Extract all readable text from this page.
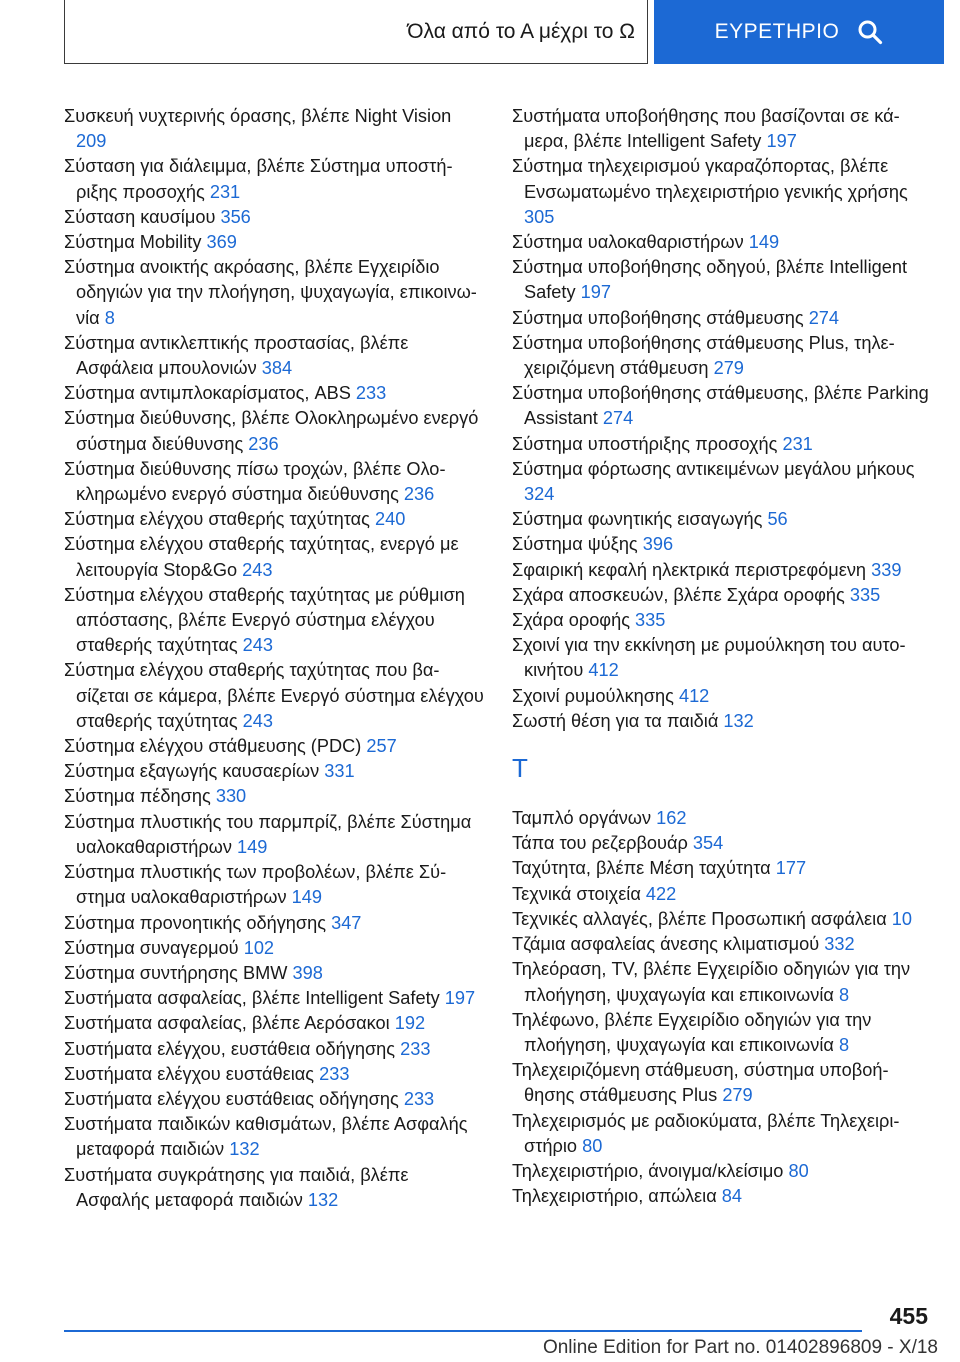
Όλα από το Α μέχρι το Ω	ΕΥΡΕΤΗΡΙΟ
Συσκευή νυχτερινής όρασης, βλέπε Night Vision 209
Σύσταση για διάλειμμα, βλέπε Σύστημα υποστήριξης προσοχής 231
Σύσταση καυσίμου 356
Σύστημα Mobility 369
Σύστημα ανοικτής ακρόασης, βλέπε Εγχειρίδιο οδηγιών για την πλοήγηση, ψυχαγωγία, επικοινωνία 8
Σύστημα αντικλεπτικής προστασίας, βλέπε Ασφάλεια μπουλονιών 384
Σύστημα αντιμπλοκαρίσματος, ABS 233
Σύστημα διεύθυνσης, βλέπε Ολοκληρωμένο ενεργό σύστημα διεύθυνσης 236
Σύστημα διεύθυνσης πίσω τροχών, βλέπε Ολοκληρωμένο ενεργό σύστημα διεύθυνσης 236
Σύστημα ελέγχου σταθερής ταχύτητας 240
Σύστημα ελέγχου σταθερής ταχύτητας, ενεργό με λειτουργία Stop&Go 243
Σύστημα ελέγχου σταθερής ταχύτητας με ρύθμιση απόστασης, βλέπε Ενεργό σύστημα ελέγχου σταθερής ταχύτητας 243
Σύστημα ελέγχου σταθερής ταχύτητας που βασίζεται σε κάμερα, βλέπε Ενεργό σύστημα ελέγχου σταθερής ταχύτητας 243
Σύστημα ελέγχου στάθμευσης (PDC) 257
Σύστημα εξαγωγής καυσαερίων 331
Σύστημα πέδησης 330
Σύστημα πλυστικής του παρμπρίζ, βλέπε Σύστημα υαλοκαθαριστήρων 149
Σύστημα πλυστικής των προβολέων, βλέπε Σύστημα υαλοκαθαριστήρων 149
Σύστημα προνοητικής οδήγησης 347
Σύστημα συναγερμού 102
Σύστημα συντήρησης BMW 398
Συστήματα ασφαλείας, βλέπε Intelligent Safety 197
Συστήματα ασφαλείας, βλέπε Αερόσακοι 192
Συστήματα ελέγχου, ευστάθεια οδήγησης 233
Συστήματα ελέγχου ευστάθειας 233
Συστήματα ελέγχου ευστάθειας οδήγησης 233
Συστήματα παιδικών καθισμάτων, βλέπε Ασφαλής μεταφορά παιδιών 132
Συστήματα συγκράτησης για παιδιά, βλέπε Ασφαλής μεταφορά παιδιών 132
Συστήματα υποβοήθησης που βασίζονται σε κάμερα, βλέπε Intelligent Safety 197
Σύστημα τηλεχειρισμού γκαραζόπορτας, βλέπε Ενσωματωμένο τηλεχειριστήριο γενικής χρήσης 305
Σύστημα υαλοκαθαριστήρων 149
Σύστημα υποβοήθησης οδηγού, βλέπε Intelligent Safety 197
Σύστημα υποβοήθησης στάθμευσης 274
Σύστημα υποβοήθησης στάθμευσης Plus, τηλεχειριζόμενη στάθμευση 279
Σύστημα υποβοήθησης στάθμευσης, βλέπε Parking Assistant 274
Σύστημα υποστήριξης προσοχής 231
Σύστημα φόρτωσης αντικειμένων μεγάλου μήκους 324
Σύστημα φωνητικής εισαγωγής 56
Σύστημα ψύξης 396
Σφαιρική κεφαλή ηλεκτρικά περιστρεφόμενη 339
Σχάρα αποσκευών, βλέπε Σχάρα οροφής 335
Σχάρα οροφής 335
Σχοινί για την εκκίνηση με ρυμούλκηση του αυτοκινήτου 412
Σχοινί ρυμούλκησης 412
Σωστή θέση για τα παιδιά 132
T
Ταμπλό οργάνων 162
Τάπα του ρεζερβουάρ 354
Ταχύτητα, βλέπε Μέση ταχύτητα 177
Τεχνικά στοιχεία 422
Τεχνικές αλλαγές, βλέπε Προσωπική ασφάλεια 10
Τζάμια ασφαλείας άνεσης κλιματισμού 332
Τηλεόραση, TV, βλέπε Εγχειρίδιο οδηγιών για την πλοήγηση, ψυχαγωγία και επικοινωνία 8
Τηλέφωνο, βλέπε Εγχειρίδιο οδηγιών για την πλοήγηση, ψυχαγωγία και επικοινωνία 8
Τηλεχειριζόμενη στάθμευση, σύστημα υποβοήθησης στάθμευσης Plus 279
Τηλεχειρισμός με ραδιοκύματα, βλέπε Τηλεχειριστήριο 80
Τηλεχειριστήριο, άνοιγμα/κλείσιμο 80
Τηλεχειριστήριο, απώλεια 84
455
Online Edition for Part no. 01402896809 - X/18
